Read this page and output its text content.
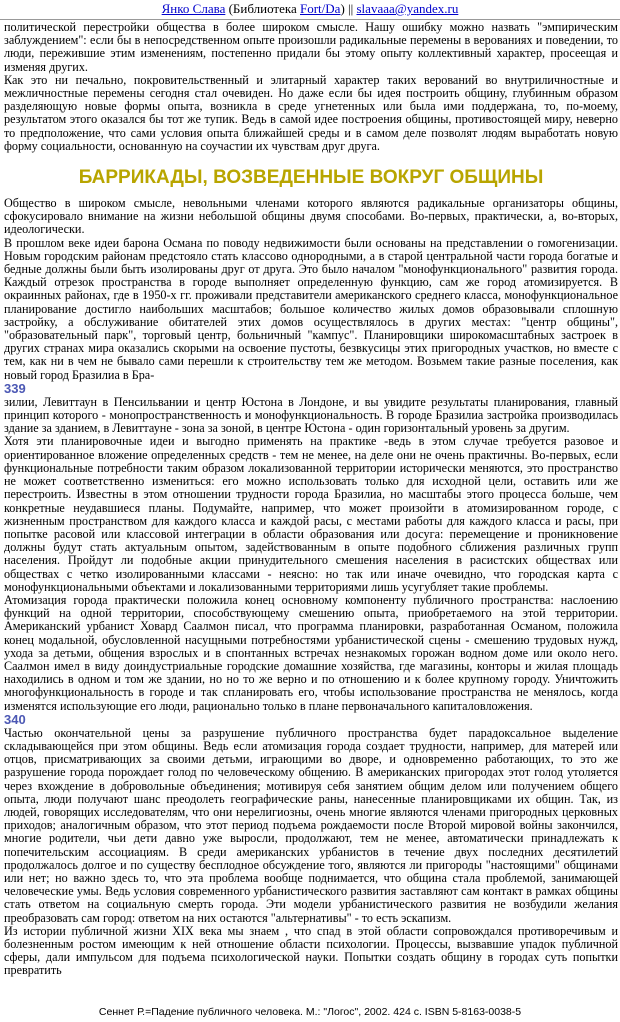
Янко Слава (Библиотека Fort/Da) || slavaaa@yandex.ru

политической перестройки общества в более широком смысле. Нашу ошибку можно назвать "эмпирическим заблуждением": если бы в непосредственном опыте произошли радикальные перемены в верованиях и поведении, то люди, пережившие этим изменениям, постепенно придали бы этому опыту коллективный характер, просеещая и изменяя других.

Как это ни печально, покровительственный и элитарный характер таких верований во внутриличностные и межличностные перемены сегодня стал очевиден. Но даже если бы идея построить общину, глубинным образом разделяющую новые формы опыта, возникла в среде угнетенных или была ими поддержана, то, по-моему, результатом этого оказался бы тот же тупик. Ведь в самой идее построения общины, противостоящей миру, неверно то предположение, что сами условия опыта ближайшей среды и в самом деле позволят людям выработать новую форму социальности, основанную на соучастии их чувствам друг друга.

БАРРИКАДЫ, ВОЗВЕДЕННЫЕ ВОКРУГ ОБЩИНЫ

Общество в широком смысле, невольными членами которого являются радикальные организаторы общины, сфокусировало внимание на жизни небольшой общины двумя способами. Во-первых, практически, а, во-вторых, идеологически.

В прошлом веке идеи барона Османа по поводу недвижимости были основаны на представлении о гомогенизации. Новым городским районам предстояло стать классово однородными, а в старой центральной части города богатые и бедные должны были быть изолированы друг от друга. Это было началом "монофункционального" развития города. Каждый отрезок пространства в городе выполняет определенную функцию, сам же город атомизируется. В окраинных районах, где в 1950-х гг. проживали представители американского среднего класса, монофункциональное планирование достигло наибольших масштабов; большое количество жилых домов образовывали сплошную застройку, а обслуживание обитателей этих домов осуществлялось в других местах: "центр общины", "образовательный парк", торговый центр, больничный "кампус". Планировщики широкомасштабных застроек в других странах мира оказались скорыми на освоение пустоты, безвкусицы этих пригородных участков, но вместе с тем, как ни в чем не бывало сами перешли к строительству тем же методом. Возьмем такие разные поселения, как новый город Бразилиа в Бра-

339

зилии, Левиттаун в Пенсильвании и центр Юстона в Лондоне, и вы увидите результаты планирования, главный принцип которого - монопространственность и монофункциональность. В городе Бразилиа застройка производилась здание за зданием, в Левиттауне - зона за зоной, в центре Юстона - один горизонтальный уровень за другим.

Хотя эти планировочные идеи и выгодно применять на практике -ведь в этом случае требуется разовое и ориентированное вложение определенных средств - тем не менее, на деле они не очень практичны. Во-первых, если функциональные потребности таким образом локализованной территории исторически меняются, это пространство не может соответственно измениться: его можно использовать только для исходной цели, оставить или же перестроить. Известны в этом отношении трудности города Бразилиа, но масштабы этого процесса больше, чем конкретные неудавшиеся планы. Подумайте, например, что может произойти в атомизированном городе, с жизненным пространством для каждого класса и каждой расы, с местами работы для каждого класса и расы, при попытке расовой или классовой интеграции в области образования или досуга: перемещение и проникновение должны будут стать актуальным опытом, задействованным в опыте подобного сближения различных групп населения. Пройдут ли подобные акции принудительного смешения населения в расистских обществах или обществах с четко изолированными классами - неясно: но так или иначе очевидно, что городская карта с монофункциональными объектами и локализованными территориями лишь усугубляет такие проблемы.

Атомизация города практически положила конец основному компоненту публичного пространства: наслоению функций на одной территории, способствующему смешению опыта, приобретаемого на этой территории. Американский урбанист Ховард Саалмон писал, что программа планировки, разработанная Османом, положила конец модальной, обусловленной насущными потребностями урбанистической сцены - смешению трудовых нужд, ухода за детьми, общения взрослых и в спонтанных встречах незнакомых горожан водном доме или около него. Саалмон имел в виду доиндустриальные городские домашние хозяйства, где магазины, конторы и жилая площадь находились в одном и том же здании, но но то же верно и по отношению и к более крупному городу. Уничтожить многофункциональность в городе и так спланировать его, чтобы использование пространства не менялось, когда изменятся использующие его люди, рационально только в плане первоначального капиталовложения.

340

Частью окончательной цены за разрушение публичного пространства будет парадоксальное выделение складывающейся при этом общины. Ведь если атомизация города создает трудности, например, для матерей или отцов, присматривающих за своими детьми, играющими во дворе, и одновременно работающих, то это же разрушение города порождает голод по человеческому общению. В американских пригородах этот голод утоляется через вхождение в добровольные объединения; мотивируя себя занятием общим делом или получением общего опыта, люди получают шанс преодолеть географические раны, нанесенные планировщиками их общин. Так, из людей, говорящих исследователям, что они нерелигиозны, очень многие являются членами пригородных церковных приходов; аналогичным образом, что этот период подъема рождаемости после Второй мировой войны закончился, многие родители, чьи дети давно уже выросли, продолжают, тем не менее, автоматически принадлежать к попечительским ассоциациям. В среди американских урбанистов в течение двух последних десятилетий продолжалось долгое и по существу бесплодное обсуждение того, являются ли пригороды "настоящими" общинами или нет; но важно здесь то, что эта проблема вообще поднимается, что община стала проблемой, занимающей человеческие умы. Ведь условия современного урбанистического развития заставляют сам контакт в рамках общины стать ответом на социальную смерть города. Эти модели урбанистического развития не возбудили желания преобразовать сам город: ответом на них остаются "альтернативы" - то есть эскапизм.

Из истории публичной жизни XIX века мы знаем , что спад в этой области сопровождался противоречивым и болезненным ростом имеющим к ней отношение области психологии. Процессы, вызвавшие упадок публичной сферы, дали импульсом для подъема психологической науки. Попытки создать общину в городах суть попытки превратить

Сеннет Р.=Падение публичного человека. М.: "Логос", 2002. 424 с. ISBN 5-8163-0038-5
